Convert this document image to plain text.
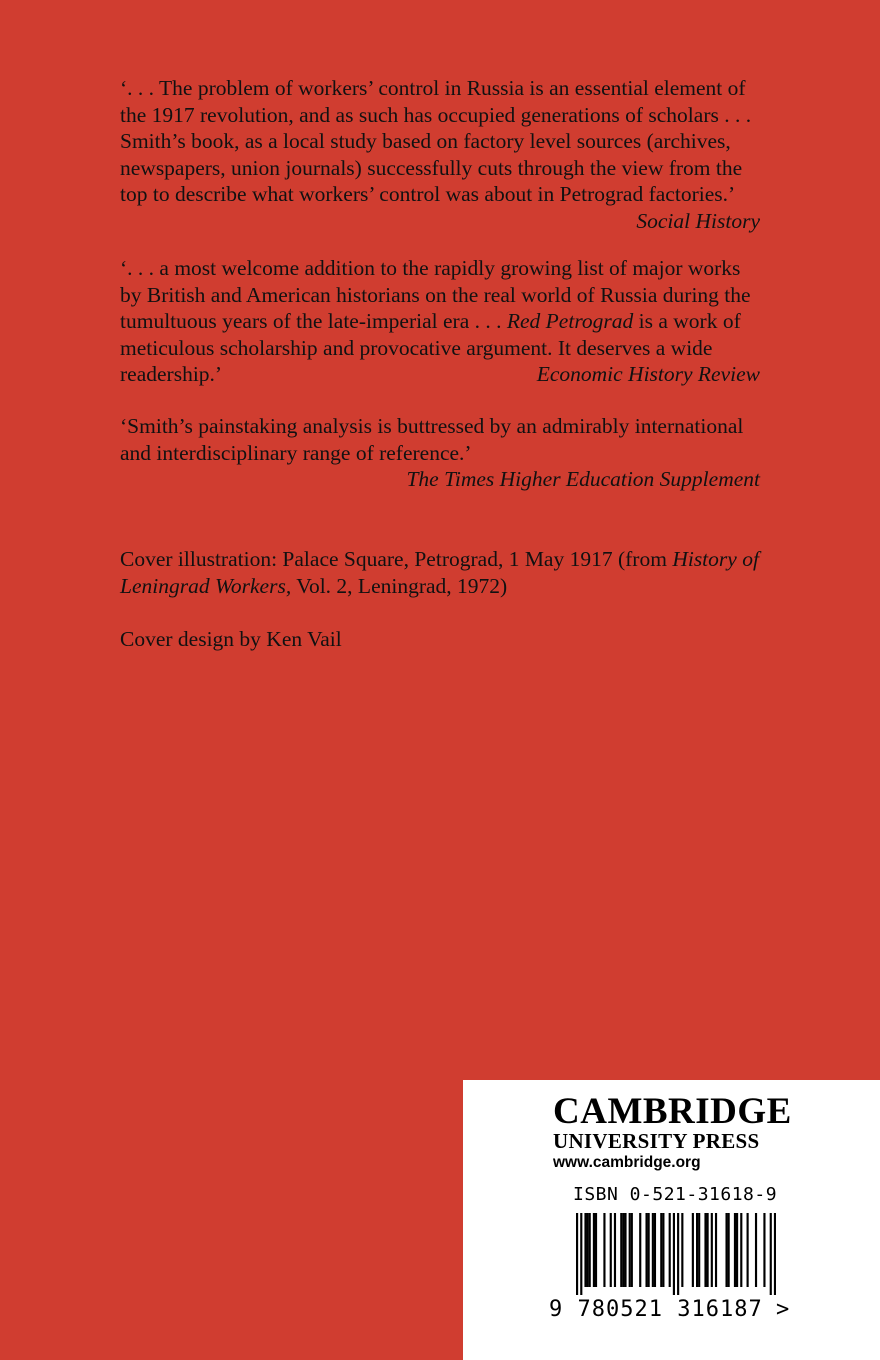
‘. . . The problem of workers’ control in Russia is an essential element of the 1917 revolution, and as such has occupied generations of scholars . . . Smith’s book, as a local study based on factory level sources (archives, newspapers, union journals) successfully cuts through the view from the top to describe what workers’ control was about in Petrograd factories.’
Social History

‘. . . a most welcome addition to the rapidly growing list of major works by British and American historians on the real world of Russia during the tumultuous years of the late-imperial era . . . Red Petrograd is a work of meticulous scholarship and provocative argument. It deserves a wide readership.’	Economic History Review

‘Smith’s painstaking analysis is buttressed by an admirably international and interdisciplinary range of reference.’
The Times Higher Education Supplement

Cover illustration: Palace Square, Petrograd, 1 May 1917 (from History of Leningrad Workers, Vol. 2, Leningrad, 1972)
Cover design by Ken Vail
CAMBRIDGE
UNIVERSITY PRESS
www.cambridge.org
ISBN 0-521-31618-9
9 780521 316187 >
